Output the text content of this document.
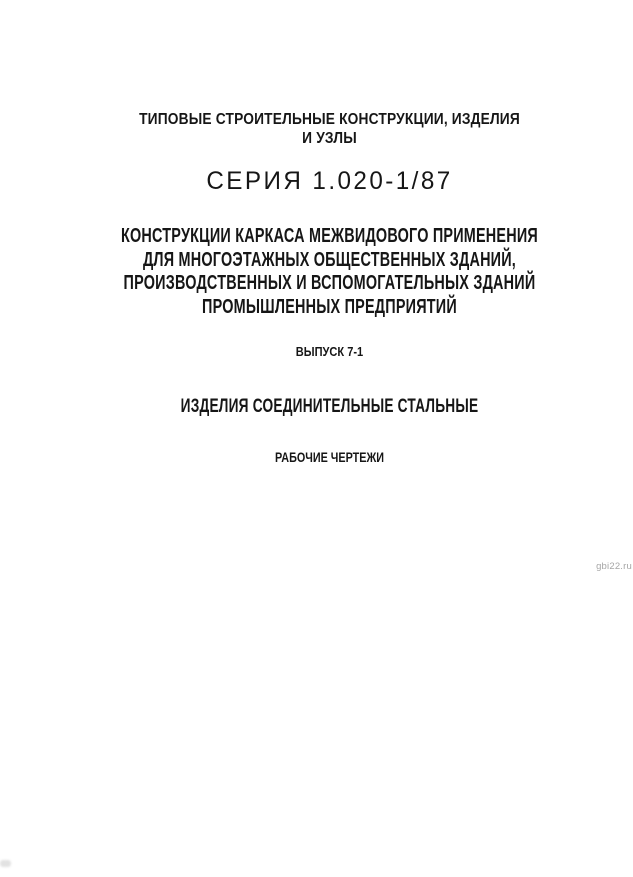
ТИПОВЫЕ СТРОИТЕЛЬНЫЕ КОНСТРУКЦИИ, ИЗДЕЛИЯ
И УЗЛЫ
СЕРИЯ 1.020-1/87
КОНСТРУКЦИИ КАРКАСА МЕЖВИДОВОГО ПРИМЕНЕНИЯ
ДЛЯ МНОГОЭТАЖНЫХ ОБЩЕСТВЕННЫХ ЗДАНИЙ,
ПРОИЗВОДСТВЕННЫХ И ВСПОМОГАТЕЛЬНЫХ ЗДАНИЙ
ПРОМЫШЛЕННЫХ ПРЕДПРИЯТИЙ
ВЫПУСК 7-1
ИЗДЕЛИЯ СОЕДИНИТЕЛЬНЫЕ СТАЛЬНЫЕ
РАБОЧИЕ ЧЕРТЕЖИ
gbi22.ru
